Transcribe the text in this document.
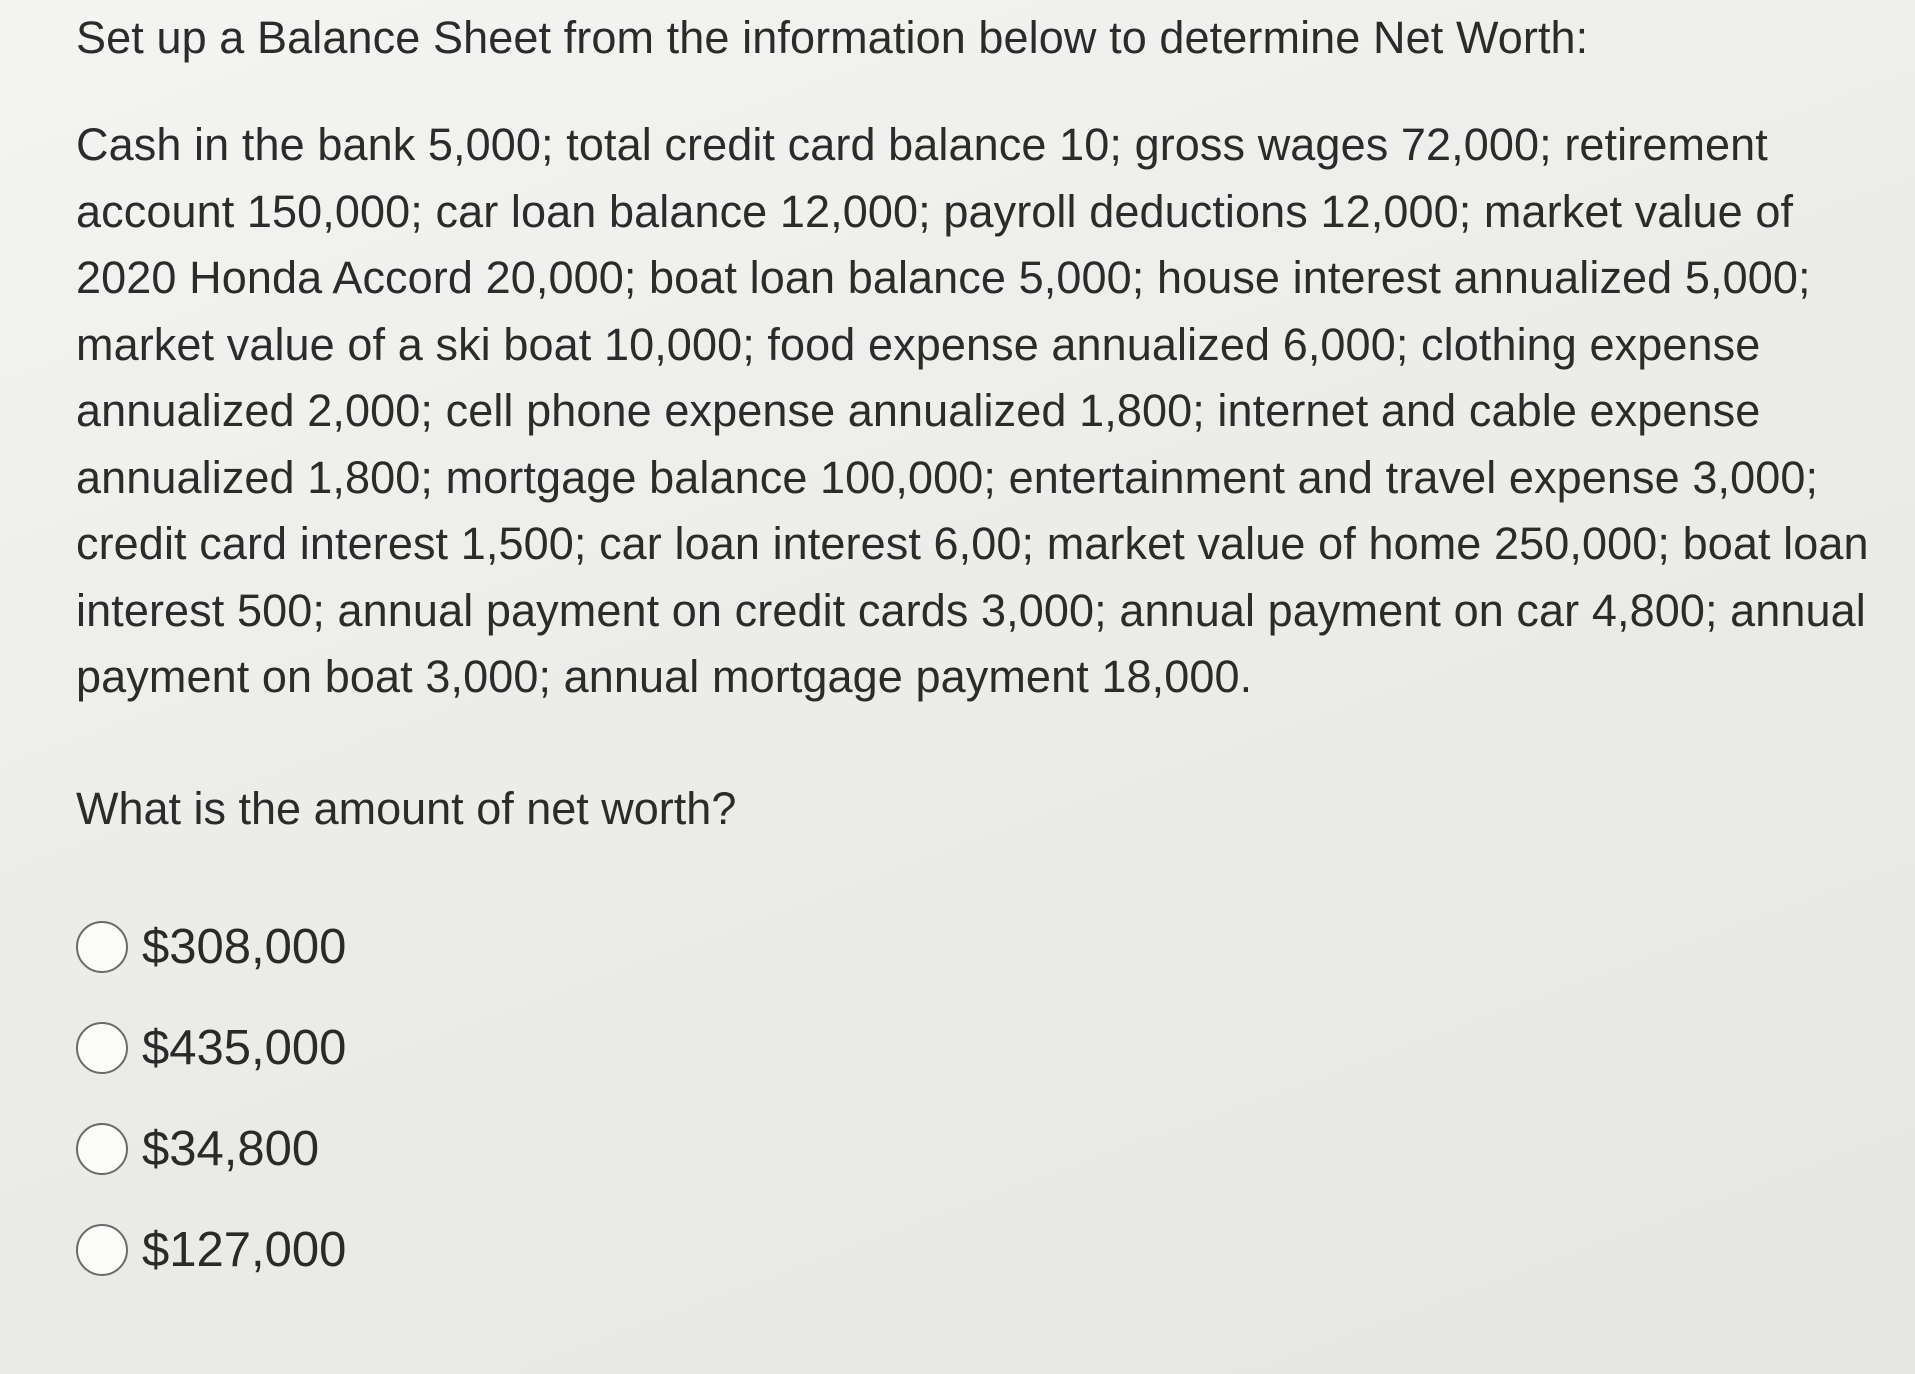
Set up a Balance Sheet from the information below to determine Net Worth:

Cash in the bank 5,000; total credit card balance 10; gross wages 72,000; retirement account 150,000; car loan balance 12,000; payroll deductions 12,000; market value of 2020 Honda Accord 20,000; boat loan balance 5,000; house interest annualized 5,000; market value of a ski boat 10,000; food expense annualized 6,000; clothing expense annualized 2,000; cell phone expense annualized 1,800; internet and cable expense annualized 1,800; mortgage balance 100,000; entertainment and travel expense 3,000; credit card interest 1,500; car loan interest 6,00; market value of home 250,000; boat loan interest 500; annual payment on credit cards 3,000; annual payment on car 4,800; annual payment on boat 3,000; annual mortgage payment 18,000.

What is the amount of net worth?

$308,000
$435,000
$34,800
$127,000
